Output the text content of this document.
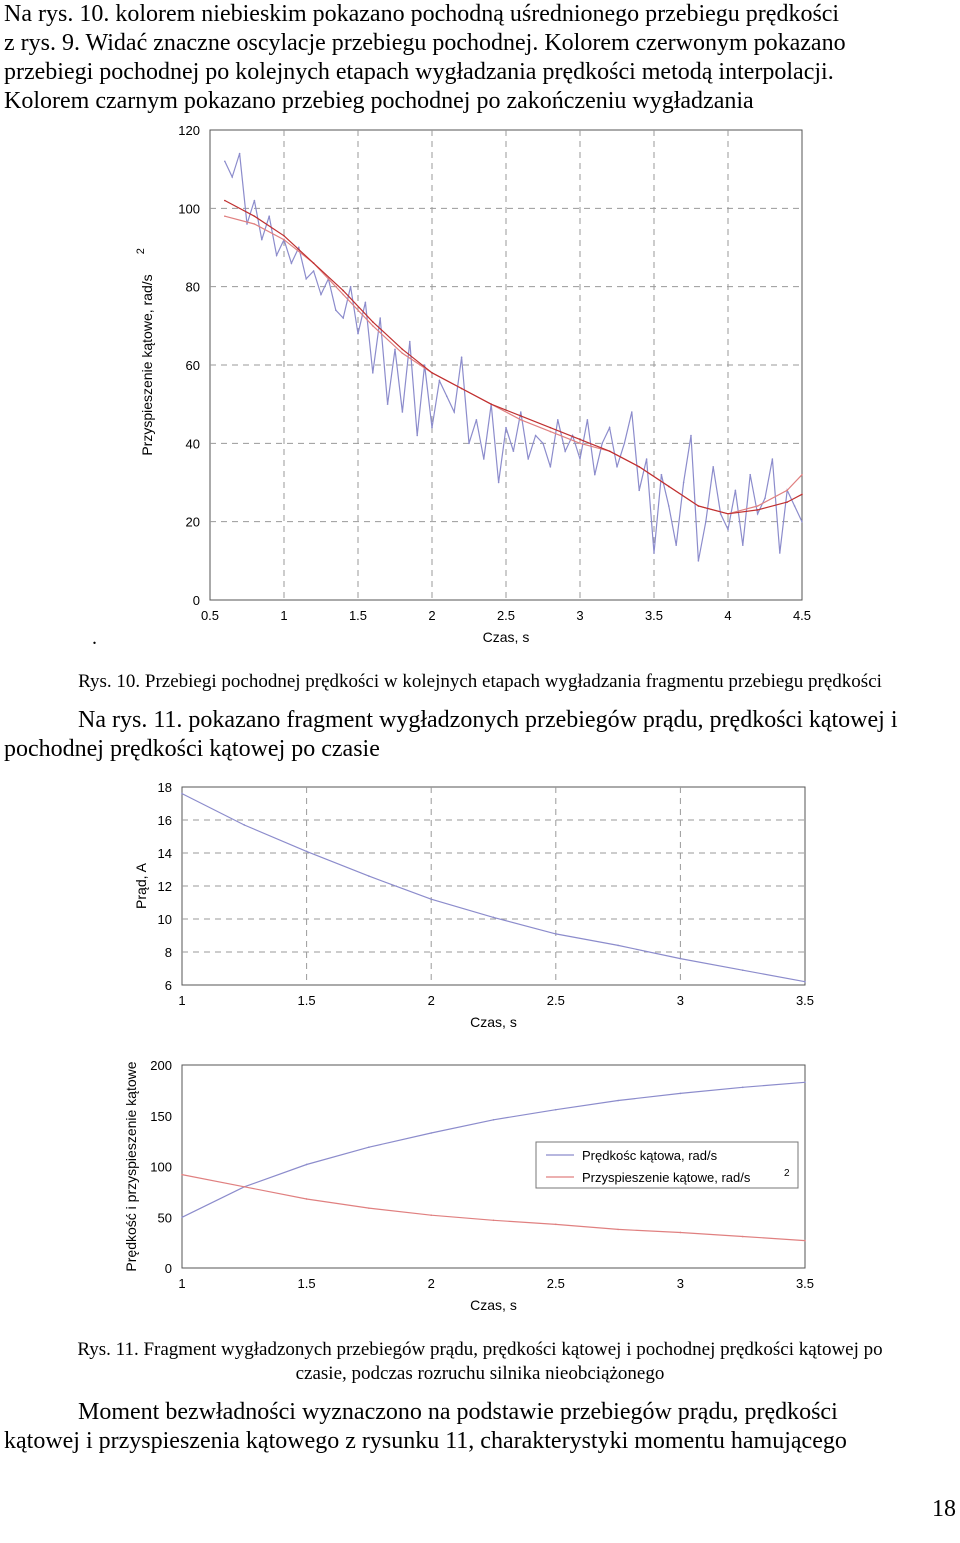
Na rys. 10. kolorem niebieskim pokazano pochodną uśrednionego przebiegu prędkości
z rys. 9. Widać znaczne oscylacje przebiegu pochodnej. Kolorem czerwonym pokazano
przebiegi pochodnej po kolejnych etapach wygładzania prędkości metodą interpolacji.
Kolorem czarnym pokazano przebieg pochodnej po zakończeniu wygładzania
0.5	1	1.5	2	2.5	3	3.5	4	4.5
0
20
40
60
80
100
120
Czas, s
Przyspieszenie kątowe, rad/s
2
.
Rys. 10. Przebiegi pochodnej prędkości w kolejnych etapach wygładzania fragmentu przebiegu prędkości
Na rys. 11. pokazano fragment wygładzonych przebiegów prądu, prędkości kątowej i
pochodnej prędkości kątowej po czasie
1	1.5	2	2.5	3	3.5
6
8
10
12
14
16
18
Czas, s
Prąd, A
1	1.5	2	2.5	3	3.5
0
50
100
150
200
Czas, s
Prędkość i przyspieszenie kątowe	Prędkośc kątowa, rad/s
Przyspieszenie kątowe, rad/s	2
Rys. 11. Fragment wygładzonych przebiegów prądu, prędkości kątowej i pochodnej prędkości kątowej po
czasie, podczas rozruchu silnika nieobciążonego
Moment bezwładności wyznaczono na podstawie przebiegów prądu, prędkości
kątowej i przyspieszenia kątowego z rysunku 11, charakterystyki momentu hamującego
18
